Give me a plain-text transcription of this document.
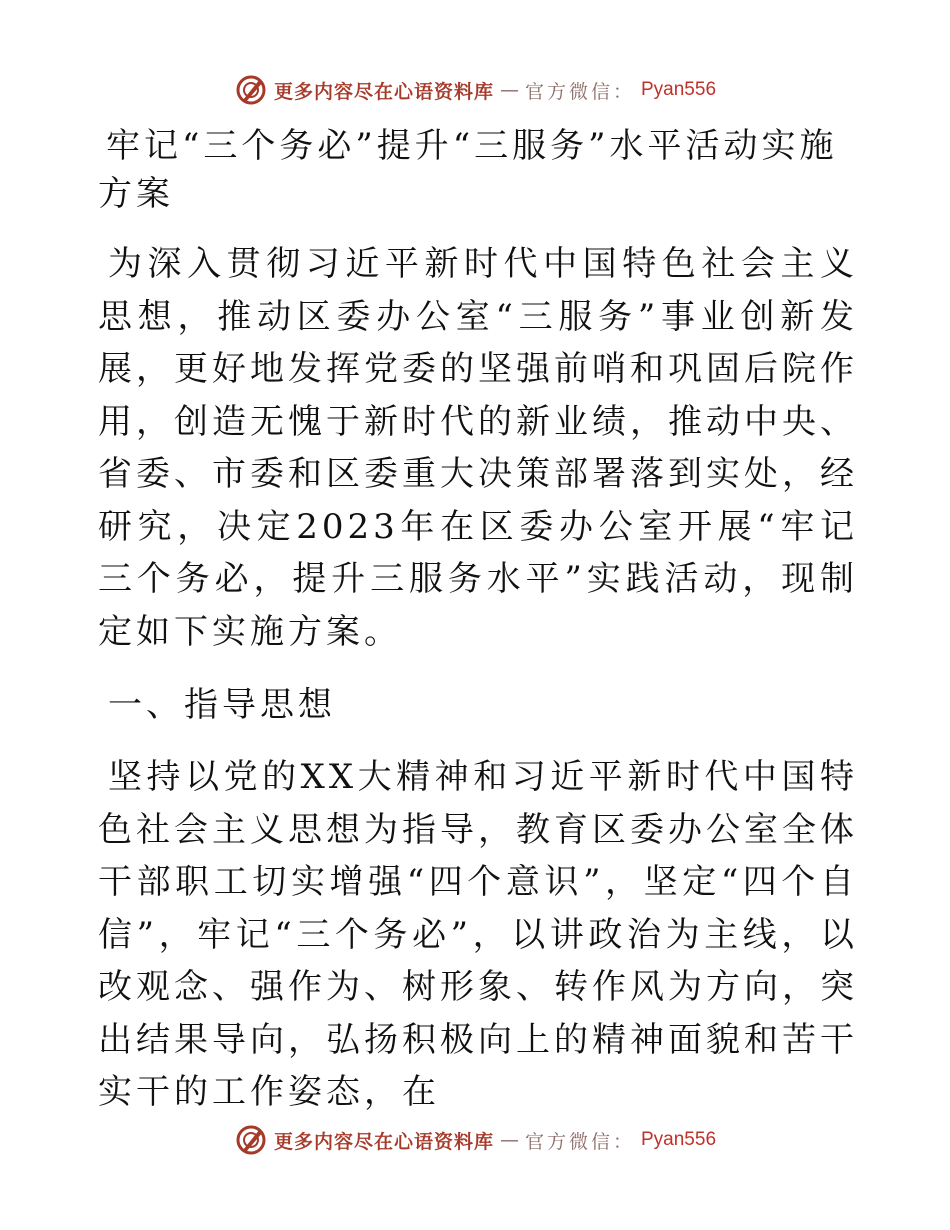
更多内容尽在心语资料库 — 官方微信： Pyan556
牢记“三个务必”提升“三服务”水平活动实施方案

为深入贯彻习近平新时代中国特色社会主义思想，推动区委办公室“三服务”事业创新发展，更好地发挥党委的坚强前哨和巩固后院作用，创造无愧于新时代的新业绩，推动中央、省委、市委和区委重大决策部署落到实处，经研究，决定2023年在区委办公室开展“牢记三个务必，提升三服务水平”实践活动，现制定如下实施方案。

一、指导思想

坚持以党的XX大精神和习近平新时代中国特色社会主义思想为指导，教育区委办公室全体干部职工切实增强“四个意识”，坚定“四个自信”，牢记“三个务必”，以讲政治为主线，以改观念、强作为、树形象、转作风为方向，突出结果导向，弘扬积极向上的精神面貌和苦干实干的工作姿态，在

更多内容尽在心语资料库 — 官方微信： Pyan556
